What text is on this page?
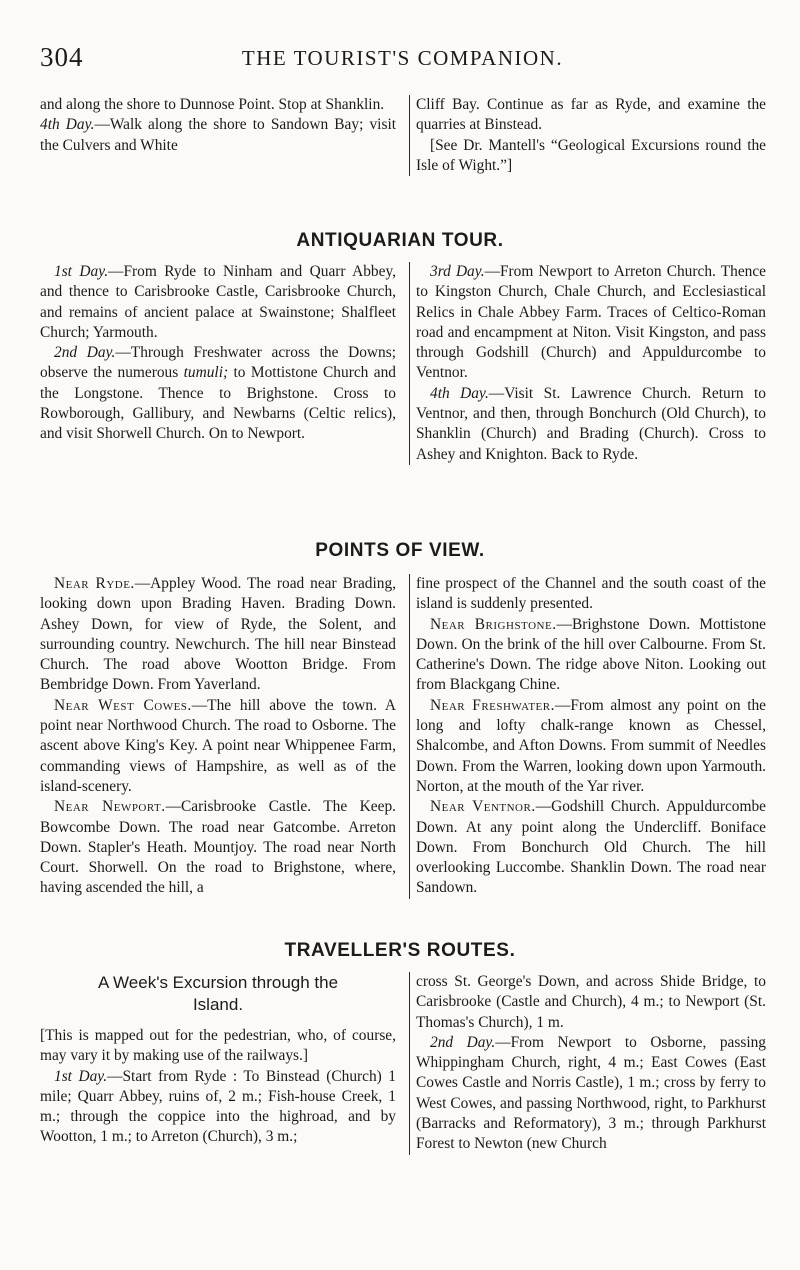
304	THE TOURIST'S COMPANION.

and along the shore to Dunnose Point. Stop at Shanklin.

4th Day.—Walk along the shore to Sandown Bay; visit the Culvers and White

Cliff Bay. Continue as far as Ryde, and examine the quarries at Binstead.

[See Dr. Mantell's “Geological Excursions round the Isle of Wight.”]

ANTIQUARIAN TOUR.

1st Day.—From Ryde to Ninham and Quarr Abbey, and thence to Carisbrooke Castle, Carisbrooke Church, and remains of ancient palace at Swainstone; Shalfleet Church; Yarmouth.

2nd Day.—Through Freshwater across the Downs; observe the numerous tumuli; to Mottistone Church and the Longstone. Thence to Brighstone. Cross to Rowborough, Gallibury, and Newbarns (Celtic relics), and visit Shorwell Church. On to Newport.

3rd Day.—From Newport to Arreton Church. Thence to Kingston Church, Chale Church, and Ecclesiastical Relics in Chale Abbey Farm. Traces of Celtico-Roman road and encampment at Niton. Visit Kingston, and pass through Godshill (Church) and Appuldurcombe to Ventnor.

4th Day.—Visit St. Lawrence Church. Return to Ventnor, and then, through Bonchurch (Old Church), to Shanklin (Church) and Brading (Church). Cross to Ashey and Knighton. Back to Ryde.

POINTS OF VIEW.

Near Ryde.—Appley Wood. The road near Brading, looking down upon Brading Haven. Brading Down. Ashey Down, for view of Ryde, the Solent, and surrounding country. Newchurch. The hill near Binstead Church. The road above Wootton Bridge. From Bembridge Down. From Yaverland.

Near West Cowes.—The hill above the town. A point near Northwood Church. The road to Osborne. The ascent above King's Key. A point near Whippenee Farm, commanding views of Hampshire, as well as of the island-scenery.

Near Newport.—Carisbrooke Castle. The Keep. Bowcombe Down. The road near Gatcombe. Arreton Down. Stapler's Heath. Mountjoy. The road near North Court. Shorwell. On the road to Brighstone, where, having ascended the hill, a

fine prospect of the Channel and the south coast of the island is suddenly presented.

Near Brighstone.—Brighstone Down. Mottistone Down. On the brink of the hill over Calbourne. From St. Catherine's Down. The ridge above Niton. Looking out from Blackgang Chine.

Near Freshwater.—From almost any point on the long and lofty chalk-range known as Chessel, Shalcombe, and Afton Downs. From summit of Needles Down. From the Warren, looking down upon Yarmouth. Norton, at the mouth of the Yar river.

Near Ventnor.—Godshill Church. Appuldurcombe Down. At any point along the Undercliff. Boniface Down. From Bonchurch Old Church. The hill overlooking Luccombe. Shanklin Down. The road near Sandown.

TRAVELLER'S ROUTES.
A Week's Excursion through the
Island.

[This is mapped out for the pedestrian, who, of course, may vary it by making use of the railways.]

1st Day.—Start from Ryde : To Binstead (Church) 1 mile; Quarr Abbey, ruins of, 2 m.; Fish-house Creek, 1 m.; through the coppice into the highroad, and by Wootton, 1 m.; to Arreton (Church), 3 m.;

cross St. George's Down, and across Shide Bridge, to Carisbrooke (Castle and Church), 4 m.; to Newport (St. Thomas's Church), 1 m.

2nd Day.—From Newport to Osborne, passing Whippingham Church, right, 4 m.; East Cowes (East Cowes Castle and Norris Castle), 1 m.; cross by ferry to West Cowes, and passing Northwood, right, to Parkhurst (Barracks and Reformatory), 3 m.; through Parkhurst Forest to Newton (new Church
